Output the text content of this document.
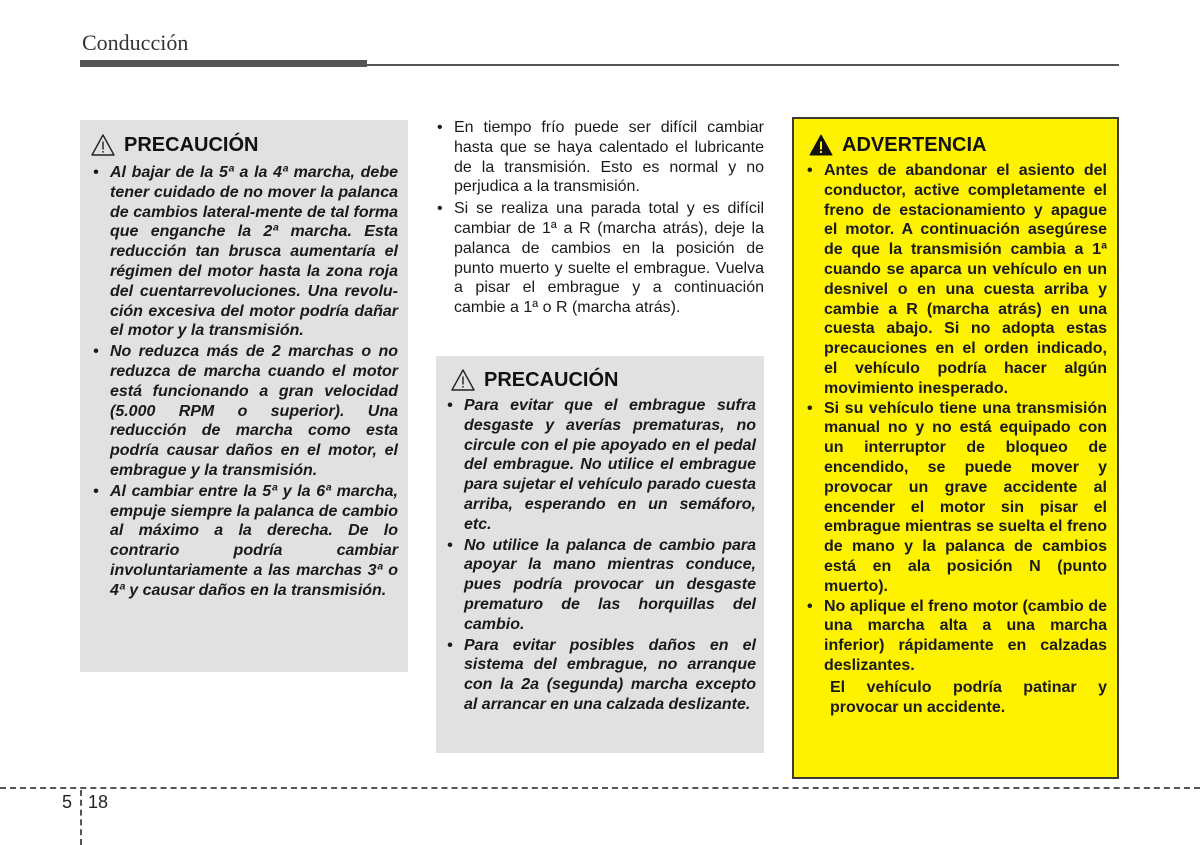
Conducción
PRECAUCIÓN
• Al bajar de la 5ª a la 4ª marcha, debe tener cuidado de no mover la palanca de cambios lateral-mente de tal forma que enganche la 2ª marcha. Esta reducción tan brusca aumentaría el régimen del motor hasta la zona roja del cuentarrevoluciones. Una revolu-ción excesiva del motor podría dañar el motor y la transmisión.
• No reduzca más de 2 marchas o no reduzca de marcha cuando el motor está funcionando a gran velocidad (5.000 RPM o superior). Una reducción de marcha como esta podría causar daños en el motor, el embrague y la transmisión.
• Al cambiar entre la 5ª y la 6ª marcha, empuje siempre la palanca de cambio al máximo a la derecha. De lo contrario podría cambiar involuntariamente a las marchas 3ª o 4ª y causar daños en la transmisión.
• En tiempo frío puede ser difícil cambiar hasta que se haya calentado el lubricante de la transmisión. Esto es normal y no perjudica a la transmisión.
• Si se realiza una parada total y es difícil cambiar de 1ª a R (marcha atrás), deje la palanca de cambios en la posición de punto muerto y suelte el embrague. Vuelva a pisar el embrague y a continuación cambie a 1ª o R (marcha atrás).
PRECAUCIÓN
• Para evitar que el embrague sufra desgaste y averías prematuras, no circule con el pie apoyado en el pedal del embrague. No utilice el embrague para sujetar el vehículo parado cuesta arriba, esperando en un semáforo, etc.
• No utilice la palanca de cambio para apoyar la mano mientras conduce, pues podría provocar un desgaste prematuro de las horquillas del cambio.
• Para evitar posibles daños en el sistema del embrague, no arranque con la 2a (segunda) marcha excepto al arrancar en una calzada deslizante.
ADVERTENCIA
• Antes de abandonar el asiento del conductor, active completamente el freno de estacionamiento y apague el motor. A continuación asegúrese de que la transmisión cambia a 1ª cuando se aparca un vehículo en un desnivel o en una cuesta arriba y cambie a R (marcha atrás) en una cuesta abajo. Si no adopta estas precauciones en el orden indicado, el vehículo podría hacer algún movimiento inesperado.
• Si su vehículo tiene una transmisión manual no y no está equipado con un interruptor de bloqueo de encendido, se puede mover y provocar un grave accidente al encender el motor sin pisar el embrague mientras se suelta el freno de mano y la palanca de cambios está en ala posición N (punto muerto).
• No aplique el freno motor (cambio de una marcha alta a una marcha inferior) rápidamente en calzadas deslizantes.
El vehículo podría patinar y provocar un accidente.
5 18
